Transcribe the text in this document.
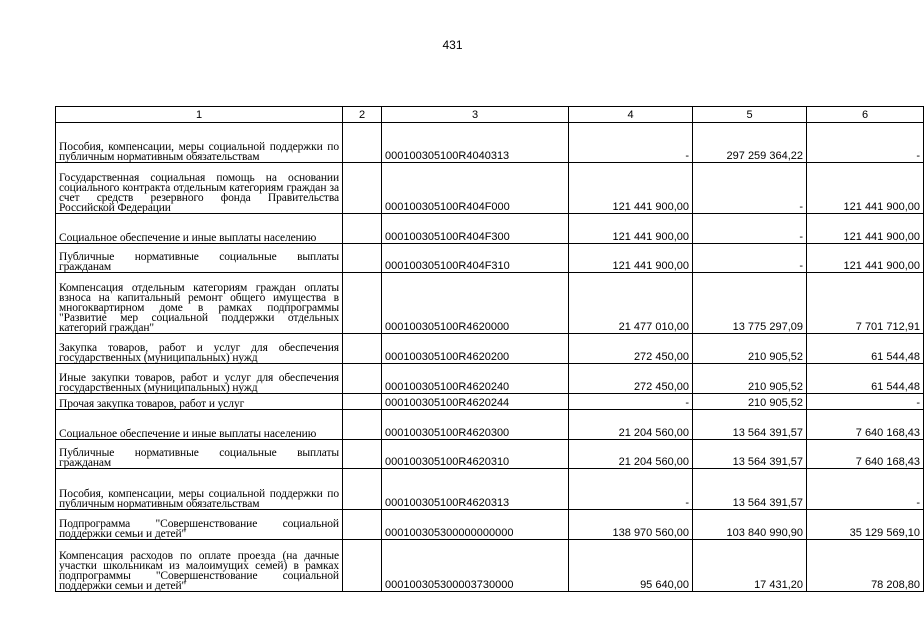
431
1	2	3	4	5	6
Пособия, компенсации, меры социальной поддержки по публичным нормативным обязательствам		000100305100R4040313	-	297 259 364,22	-
Государственная социальная помощь на основании социального контракта отдельным категориям граждан за счет средств резервного фонда Правительства Российской Федерации		000100305100R404F000	121 441 900,00	-	121 441 900,00
Социальное обеспечение и иные выплаты населению		000100305100R404F300	121 441 900,00	-	121 441 900,00
Публичные нормативные социальные выплаты гражданам		000100305100R404F310	121 441 900,00	-	121 441 900,00
Компенсация отдельным категориям граждан оплаты взноса на капитальный ремонт общего имущества в многоквартирном доме в рамках подпрограммы "Развитие мер социальной поддержки отдельных категорий граждан"		000100305100R4620000	21 477 010,00	13 775 297,09	7 701 712,91
Закупка товаров, работ и услуг для обеспечения государственных (муниципальных) нужд		000100305100R4620200	272 450,00	210 905,52	61 544,48
Иные закупки товаров, работ и услуг для обеспечения государственных (муниципальных) нужд		000100305100R4620240	272 450,00	210 905,52	61 544,48
Прочая закупка товаров, работ и услуг		000100305100R4620244	-	210 905,52	-
Социальное обеспечение и иные выплаты населению		000100305100R4620300	21 204 560,00	13 564 391,57	7 640 168,43
Публичные нормативные социальные выплаты гражданам		000100305100R4620310	21 204 560,00	13 564 391,57	7 640 168,43
Пособия, компенсации, меры социальной поддержки по публичным нормативным обязательствам		000100305100R4620313	-	13 564 391,57	-
Подпрограмма "Совершенствование социальной поддержки семьи и детей"		000100305300000000000	138 970 560,00	103 840 990,90	35 129 569,10
Компенсация расходов по оплате проезда (на дачные участки школьникам из малоимущих семей) в рамках подпрограммы "Совершенствование социальной поддержки семьи и детей"		000100305300003730000	95 640,00	17 431,20	78 208,80
